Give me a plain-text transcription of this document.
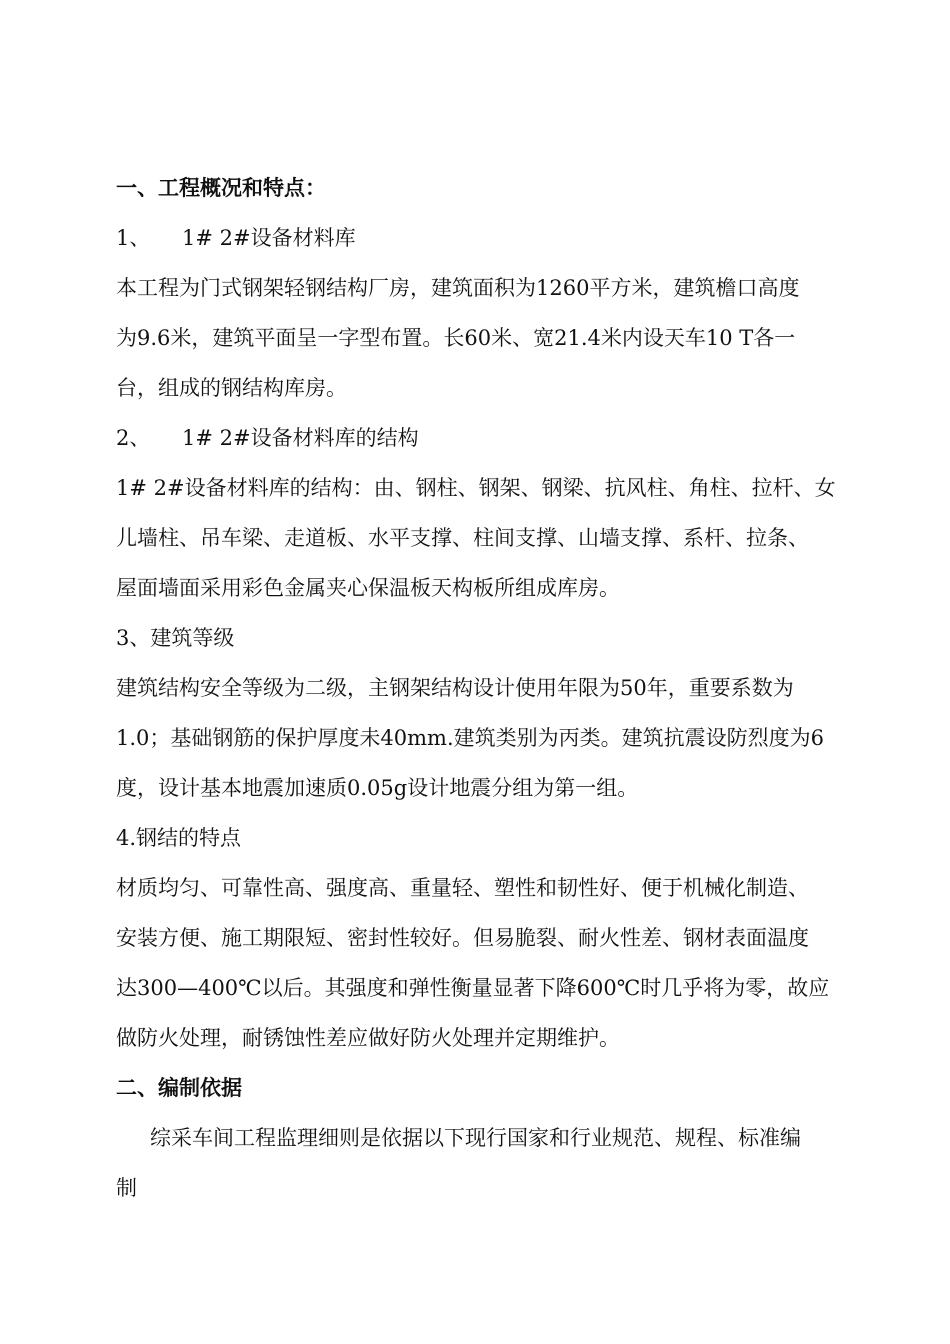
一、工程概况和特点：
1、 1# 2#设备材料库
本工程为门式钢架轻钢结构厂房，建筑面积为1260平方米，建筑檐口高度
为9.6米，建筑平面呈一字型布置。长60米、宽21.4米内设天车10 T各一
台，组成的钢结构库房。
2、 1# 2#设备材料库的结构
1# 2#设备材料库的结构：由、钢柱、钢架、钢梁、抗风柱、角柱、拉杆、女
儿墙柱、吊车梁、走道板、水平支撑、柱间支撑、山墙支撑、系杆、拉条、
屋面墙面采用彩色金属夹心保温板天构板所组成库房。
3、建筑等级
建筑结构安全等级为二级，主钢架结构设计使用年限为50年，重要系数为
1.0；基础钢筋的保护厚度未40mm.建筑类别为丙类。建筑抗震设防烈度为6
度，设计基本地震加速质0.05g设计地震分组为第一组。
4.钢结的特点
材质均匀、可靠性高、强度高、重量轻、塑性和韧性好、便于机械化制造、
安装方便、施工期限短、密封性较好。但易脆裂、耐火性差、钢材表面温度
达300—400℃以后。其强度和弹性衡量显著下降600℃时几乎将为零，故应
做防火处理，耐锈蚀性差应做好防火处理并定期维护。
二、编制依据
综采车间工程监理细则是依据以下现行国家和行业规范、规程、标准编
制
